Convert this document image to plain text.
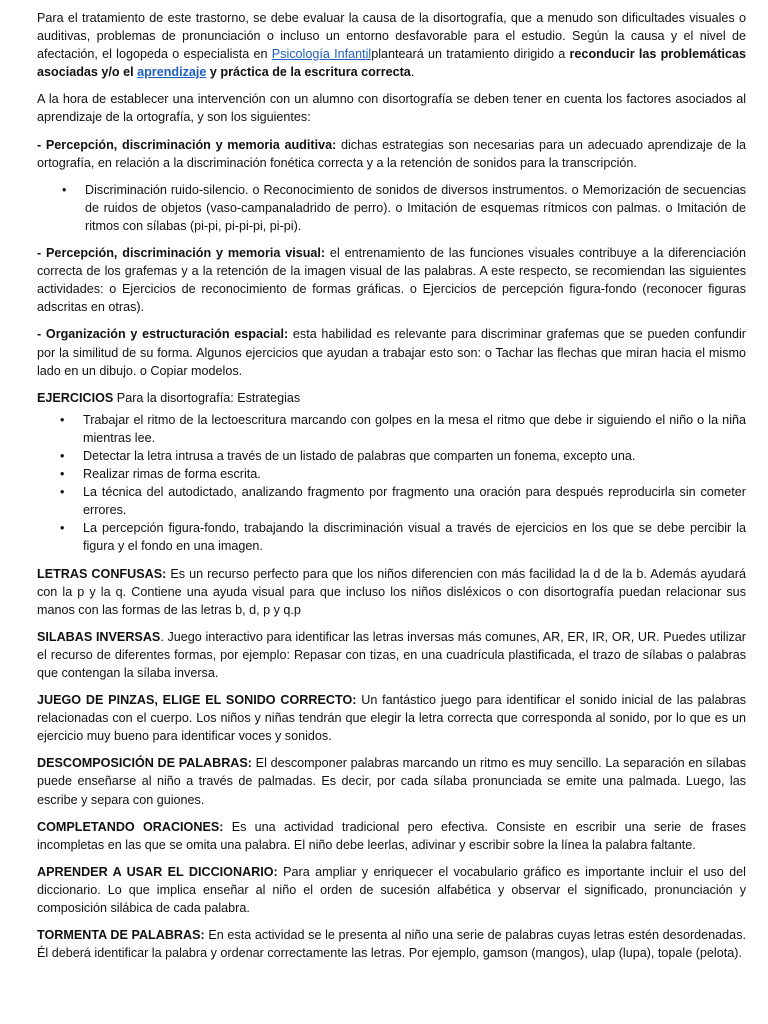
Para el tratamiento de este trastorno, se debe evaluar la causa de la disortografía, que a menudo son dificultades visuales o auditivas, problemas de pronunciación o incluso un entorno desfavorable para el estudio. Según la causa y el nivel de afectación, el logopeda o especialista en Psicología Infantilplanteará un tratamiento dirigido a reconducir las problemáticas asociadas y/o el aprendizaje y práctica de la escritura correcta.

A la hora de establecer una intervención con un alumno con disortografía se deben tener en cuenta los factores asociados al aprendizaje de la ortografía, y son los siguientes:

- Percepción, discriminación y memoria auditiva: dichas estrategias son necesarias para un adecuado aprendizaje de la ortografía, en relación a la discriminación fonética correcta y a la retención de sonidos para la transcripción.

• Discriminación ruido-silencio. o Reconocimiento de sonidos de diversos instrumentos. o Memorización de secuencias de ruidos de objetos (vaso-campanaladrido de perro). o Imitación de esquemas rítmicos con palmas. o Imitación de ritmos con sílabas (pi-pi, pi-pi-pi, pi-pi).

- Percepción, discriminación y memoria visual: el entrenamiento de las funciones visuales contribuye a la diferenciación correcta de los grafemas y a la retención de la imagen visual de las palabras. A este respecto, se recomiendan las siguientes actividades: o Ejercicios de reconocimiento de formas gráficas. o Ejercicios de percepción figura-fondo (reconocer figuras adscritas en otras).

- Organización y estructuración espacial: esta habilidad es relevante para discriminar grafemas que se pueden confundir por la similitud de su forma. Algunos ejercicios que ayudan a trabajar esto son: o Tachar las flechas que miran hacia el mismo lado en un dibujo. o Copiar modelos.

EJERCICIOS Para la disortografía: Estrategias

• Trabajar el ritmo de la lectoescritura marcando con golpes en la mesa el ritmo que debe ir siguiendo el niño o la niña mientras lee.
• Detectar la letra intrusa a través de un listado de palabras que comparten un fonema, excepto una.
• Realizar rimas de forma escrita.
• La técnica del autodictado, analizando fragmento por fragmento una oración para después reproducirla sin cometer errores.
• La percepción figura-fondo, trabajando la discriminación visual a través de ejercicios en los que se debe percibir la figura y el fondo en una imagen.

LETRAS CONFUSAS: Es un recurso perfecto para que los niños diferencien con más facilidad la d de la b. Además ayudará con la p y la q. Contiene una ayuda visual para que incluso los niños disléxicos o con disortografía puedan relacionar sus manos con las formas de las letras b, d, p y q.p

SILABAS INVERSAS. Juego interactivo para identificar las letras inversas más comunes, AR, ER, IR, OR, UR. Puedes utilizar el recurso de diferentes formas, por ejemplo: Repasar con tizas, en una cuadrícula plastificada, el trazo de sílabas o palabras que contengan la sílaba inversa.

JUEGO DE PINZAS, ELIGE EL SONIDO CORRECTO: Un fantástico juego para identificar el sonido inicial de las palabras relacionadas con el cuerpo. Los niños y niñas tendrán que elegir la letra correcta que corresponda al sonido, por lo que es un ejercicio muy bueno para identificar voces y sonidos.

DESCOMPOSICIÓN DE PALABRAS: El descomponer palabras marcando un ritmo es muy sencillo. La separación en sílabas puede enseñarse al niño a través de palmadas. Es decir, por cada sílaba pronunciada se emite una palmada. Luego, las escribe y separa con guiones.

COMPLETANDO ORACIONES: Es una actividad tradicional pero efectiva. Consiste en escribir una serie de frases incompletas en las que se omita una palabra. El niño debe leerlas, adivinar y escribir sobre la línea la palabra faltante.

APRENDER A USAR EL DICCIONARIO: Para ampliar y enriquecer el vocabulario gráfico es importante incluir el uso del diccionario. Lo que implica enseñar al niño el orden de sucesión alfabética y observar el significado, pronunciación y composición silábica de cada palabra.

TORMENTA DE PALABRAS: En esta actividad se le presenta al niño una serie de palabras cuyas letras estén desordenadas. Él deberá identificar la palabra y ordenar correctamente las letras. Por ejemplo, gamson (mangos), ulap (lupa), topale (pelota).
